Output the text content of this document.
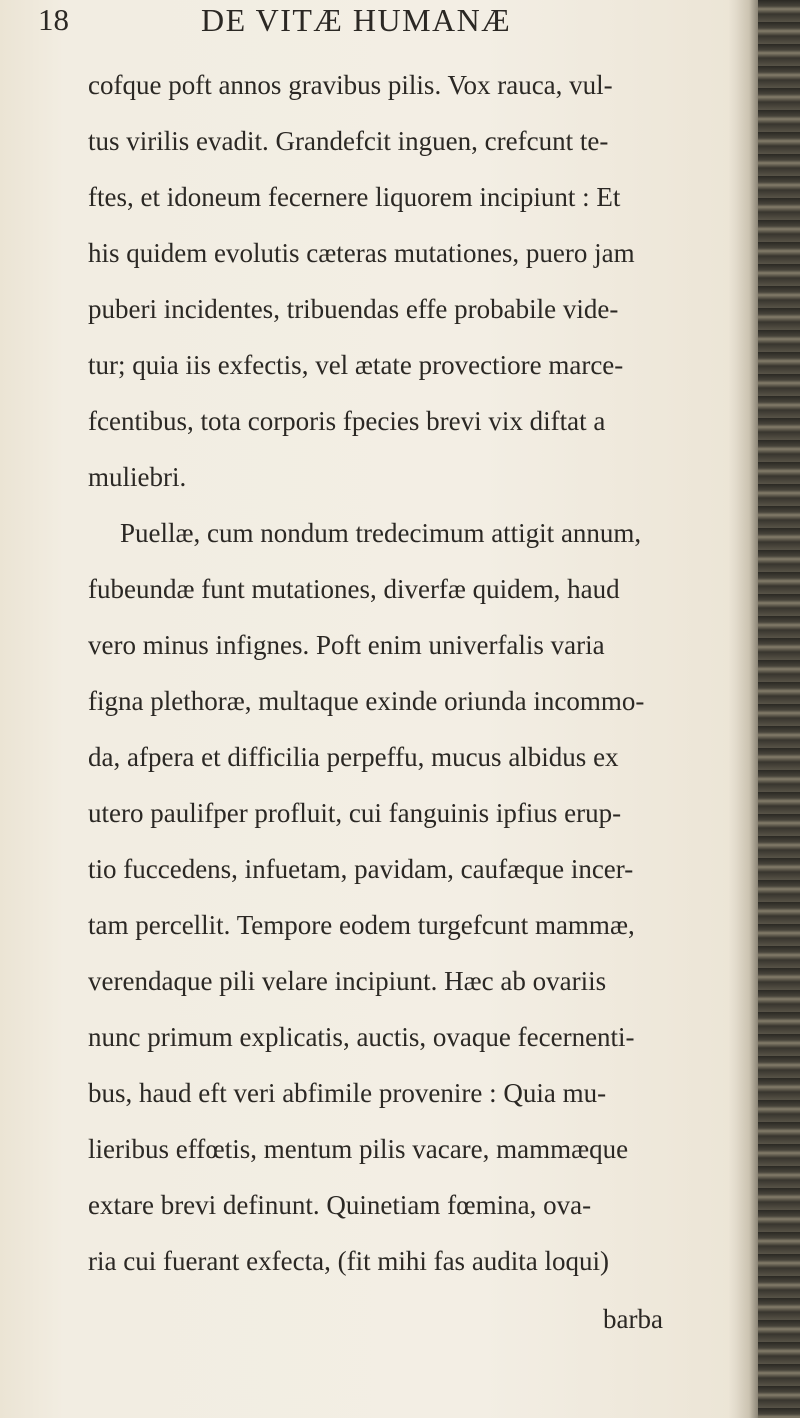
18	DE VITÆ HUMANÆ
cofque poft annos gravibus pilis. Vox rauca, vul-
tus virilis evadit. Grandefcit inguen, crefcunt te-
ftes, et idoneum fecernere liquorem incipiunt : Et
his quidem evolutis cæteras mutationes, puero jam
puberi incidentes, tribuendas effe probabile vide-
tur; quia iis exfectis, vel ætate provectiore marce-
fcentibus, tota corporis fpecies brevi vix diftat a
muliebri.
Puellæ, cum nondum tredecimum attigit annum,
fubeundæ funt mutationes, diverfæ quidem, haud
vero minus infignes. Poft enim univerfalis varia
figna plethoræ, multaque exinde oriunda incommo-
da, afpera et difficilia perpeffu, mucus albidus ex
utero paulifper profluit, cui fanguinis ipfius erup-
tio fuccedens, infuetam, pavidam, caufæque incer-
tam percellit. Tempore eodem turgefcunt mammæ,
verendaque pili velare incipiunt. Hæc ab ovariis
nunc primum explicatis, auctis, ovaque fecernenti-
bus, haud eft veri abfimile provenire : Quia mu-
lieribus effœtis, mentum pilis vacare, mammæque
extare brevi definunt. Quinetiam fœmina, ova-
ria cui fuerant exfecta, (fit mihi fas audita loqui)
barba
